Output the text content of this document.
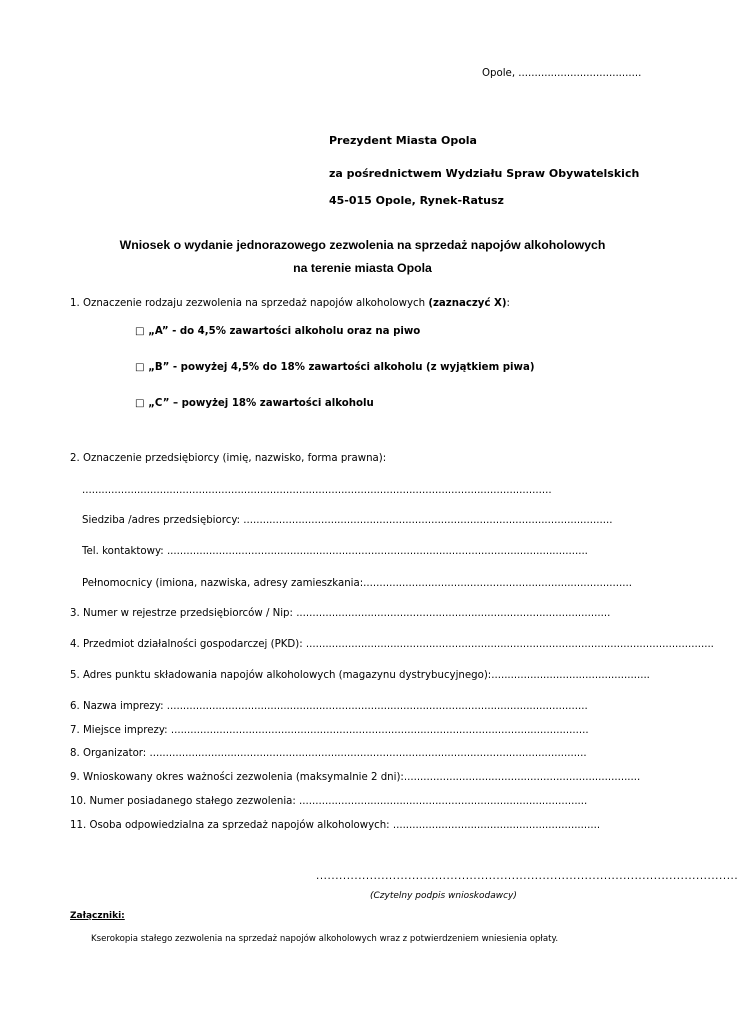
Opole, ......................................
Prezydent Miasta Opola
za pośrednictwem Wydziału Spraw Obywatelskich
45-015 Opole, Rynek-Ratusz
Wniosek o wydanie jednorazowego zezwolenia na sprzedaż napojów alkoholowych
na terenie miasta Opola
1. Oznaczenie rodzaju zezwolenia na sprzedaż napojów alkoholowych (zaznaczyć X):
□ „A” - do 4,5% zawartości alkoholu oraz na piwo
□ „B” - powyżej 4,5% do 18% zawartości alkoholu (z wyjątkiem piwa)
□ „C” – powyżej 18% zawartości alkoholu
2. Oznaczenie przedsiębiorcy (imię, nazwisko, forma prawna):
.................................................................................................................................................
Siedziba /adres przedsiębiorcy: ..................................................................................................................
Tel. kontaktowy: ..................................................................................................................................
Pełnomocnicy (imiona, nazwiska, adresy zamieszkania:...................................................................................
3. Numer w rejestrze przedsiębiorców / Nip: .................................................................................................
4. Przedmiot działalności gospodarczej (PKD): ..............................................................................................................................
5. Adres punktu składowania napojów alkoholowych (magazynu dystrybucyjnego):.................................................
6. Nazwa imprezy: ..................................................................................................................................
7. Miejsce imprezy: .................................................................................................................................
8. Organizator: .......................................................................................................................................
9. Wnioskowany okres ważności zezwolenia (maksymalnie 2 dni):.........................................................................
10. Numer posiadanego stałego zezwolenia: .........................................................................................
11. Osoba odpowiedzialna za sprzedaż napojów alkoholowych: ................................................................
..............................................................................................................
(Czytelny podpis wnioskodawcy)
Załączniki:
Kserokopia stałego zezwolenia na sprzedaż napojów alkoholowych wraz z potwierdzeniem wniesienia opłaty.
